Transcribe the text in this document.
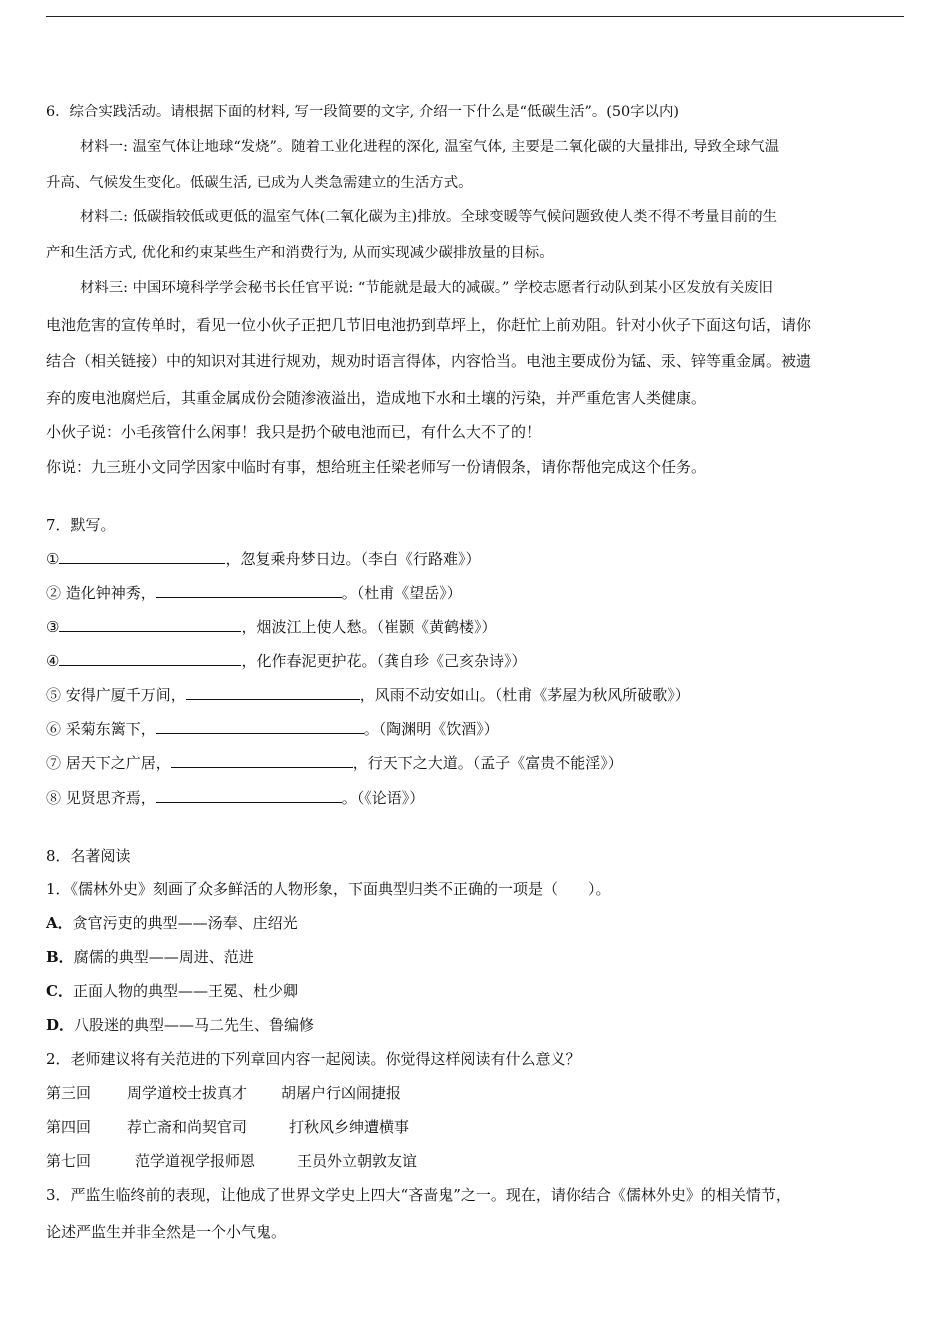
6．综合实践活动。请根据下面的材料, 写一段简要的文字, 介绍一下什么是“低碳生活”。(50字以内)
材料一: 温室气体让地球“发烧”。随着工业化进程的深化, 温室气体, 主要是二氧化碳的大量排出, 导致全球气温
升高、气候发生变化。低碳生活, 已成为人类急需建立的生活方式。
材料二: 低碳指较低或更低的温室气体(二氧化碳为主)排放。全球变暖等气候问题致使人类不得不考量目前的生
产和生活方式, 优化和约束某些生产和消费行为, 从而实现减少碳排放量的目标。
材料三: 中国环境科学学会秘书长任官平说: “节能就是最大的减碳。” 学校志愿者行动队到某小区发放有关废旧
电池危害的宣传单时，看见一位小伙子正把几节旧电池扔到草坪上，你赶忙上前劝阻。针对小伙子下面这句话，请你
结合（相关链接）中的知识对其进行规劝，规劝时语言得体，内容恰当。电池主要成份为锰、汞、锌等重金属。被遗
弃的废电池腐烂后，其重金属成份会随渗液溢出，造成地下水和土壤的污染，并严重危害人类健康。
小伙子说：小毛孩管什么闲事！我只是扔个破电池而已，有什么大不了的！
你说：九三班小文同学因家中临时有事，想给班主任梁老师写一份请假条，请你帮他完成这个任务。
7．默写。
①	，忽复乘舟梦日边。（李白《行路难》）
② 造化钟神秀，	。（杜甫《望岳》）
③	，烟波江上使人愁。（崔颢《黄鹤楼》）
④	，化作春泥更护花。（龚自珍《己亥杂诗》）
⑤ 安得广厦千万间，	，风雨不动安如山。（杜甫《茅屋为秋风所破歌》）
⑥ 采菊东篱下，	。（陶渊明《饮酒》）
⑦ 居天下之广居，	，行天下之大道。（孟子《富贵不能淫》）
⑧ 见贤思齐焉，	。（《论语》）
8．名著阅读
1．《儒林外史》刻画了众多鲜活的人物形象，下面典型归类不正确的一项是（　　）。
A．贪官污吏的典型——汤奉、庄绍光
B．腐儒的典型——周进、范进
C．正面人物的典型——王冕、杜少卿
D．八股迷的典型——马二先生、鲁编修
2．老师建议将有关范进的下列章回内容一起阅读。你觉得这样阅读有什么意义？
第三回 周学道校士拔真才 胡屠户行凶闹捷报
第四回 荐亡斋和尚契官司	打秋风乡绅遭横事
第七回	范学道视学报师恩	王员外立朝敦友谊
3．严监生临终前的表现，让他成了世界文学史上四大“吝啬鬼”之一。现在，请你结合《儒林外史》的相关情节，
论述严监生并非全然是一个小气鬼。
